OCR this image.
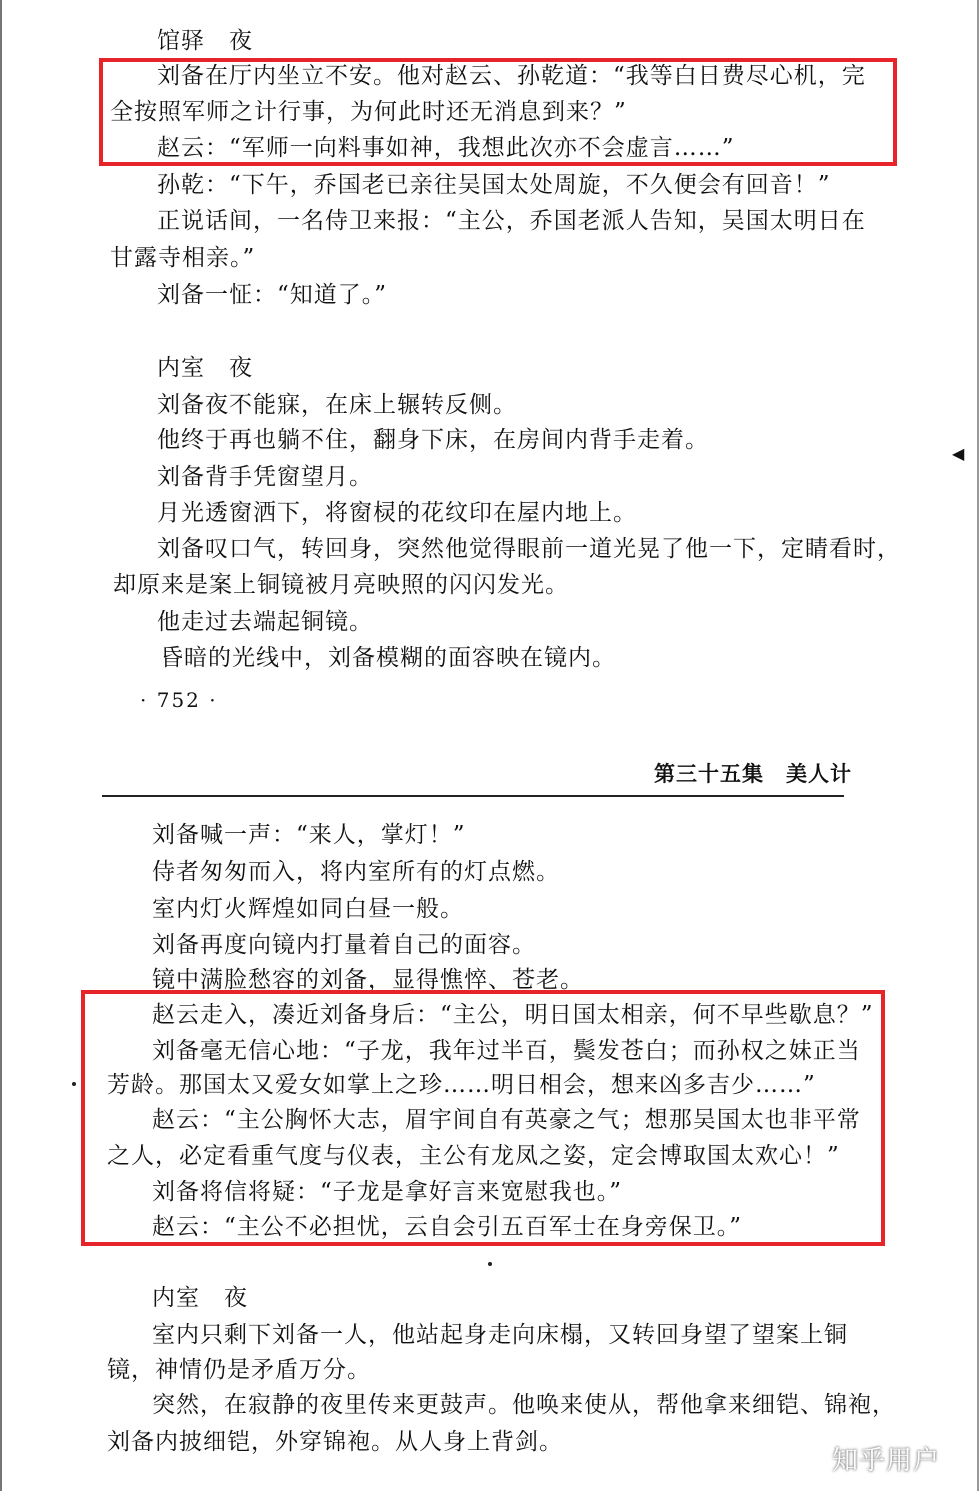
馆驿　夜
刘备在厅内坐立不安。他对赵云、孙乾道：“我等白日费尽心机，完
全按照军师之计行事，为何此时还无消息到来？”
赵云：“军师一向料事如神，我想此次亦不会虚言……”
孙乾：“下午，乔国老已亲往吴国太处周旋，不久便会有回音！”
正说话间，一名侍卫来报：“主公，乔国老派人告知，吴国太明日在
甘露寺相亲。”
刘备一怔：“知道了。”
内室　夜
刘备夜不能寐，在床上辗转反侧。
他终于再也躺不住，翻身下床，在房间内背手走着。
刘备背手凭窗望月。
月光透窗洒下，将窗棂的花纹印在屋内地上。
刘备叹口气，转回身，突然他觉得眼前一道光晃了他一下，定睛看时，
却原来是案上铜镜被月亮映照的闪闪发光。
他走过去端起铜镜。
昏暗的光线中，刘备模糊的面容映在镜内。
· 752 ·
第三十五集　美人计
刘备喊一声：“来人，掌灯！”
侍者匆匆而入，将内室所有的灯点燃。
室内灯火辉煌如同白昼一般。
刘备再度向镜内打量着自己的面容。
镜中满脸愁容的刘备，显得憔悴、苍老。
赵云走入，凑近刘备身后：“主公，明日国太相亲，何不早些歇息？”
刘备毫无信心地：“子龙，我年过半百，鬓发苍白；而孙权之妹正当
芳龄。那国太又爱女如掌上之珍……明日相会，想来凶多吉少……”
赵云：“主公胸怀大志，眉宇间自有英豪之气；想那吴国太也非平常
之人，必定看重气度与仪表，主公有龙凤之姿，定会博取国太欢心！”
刘备将信将疑：“子龙是拿好言来宽慰我也。”
赵云：“主公不必担忧，云自会引五百军士在身旁保卫。”
内室　夜
室内只剩下刘备一人，他站起身走向床榻，又转回身望了望案上铜
镜，神情仍是矛盾万分。
突然，在寂静的夜里传来更鼓声。他唤来使从，帮他拿来细铠、锦袍，
刘备内披细铠，外穿锦袍。从人身上背剑。
◀
知乎用户
